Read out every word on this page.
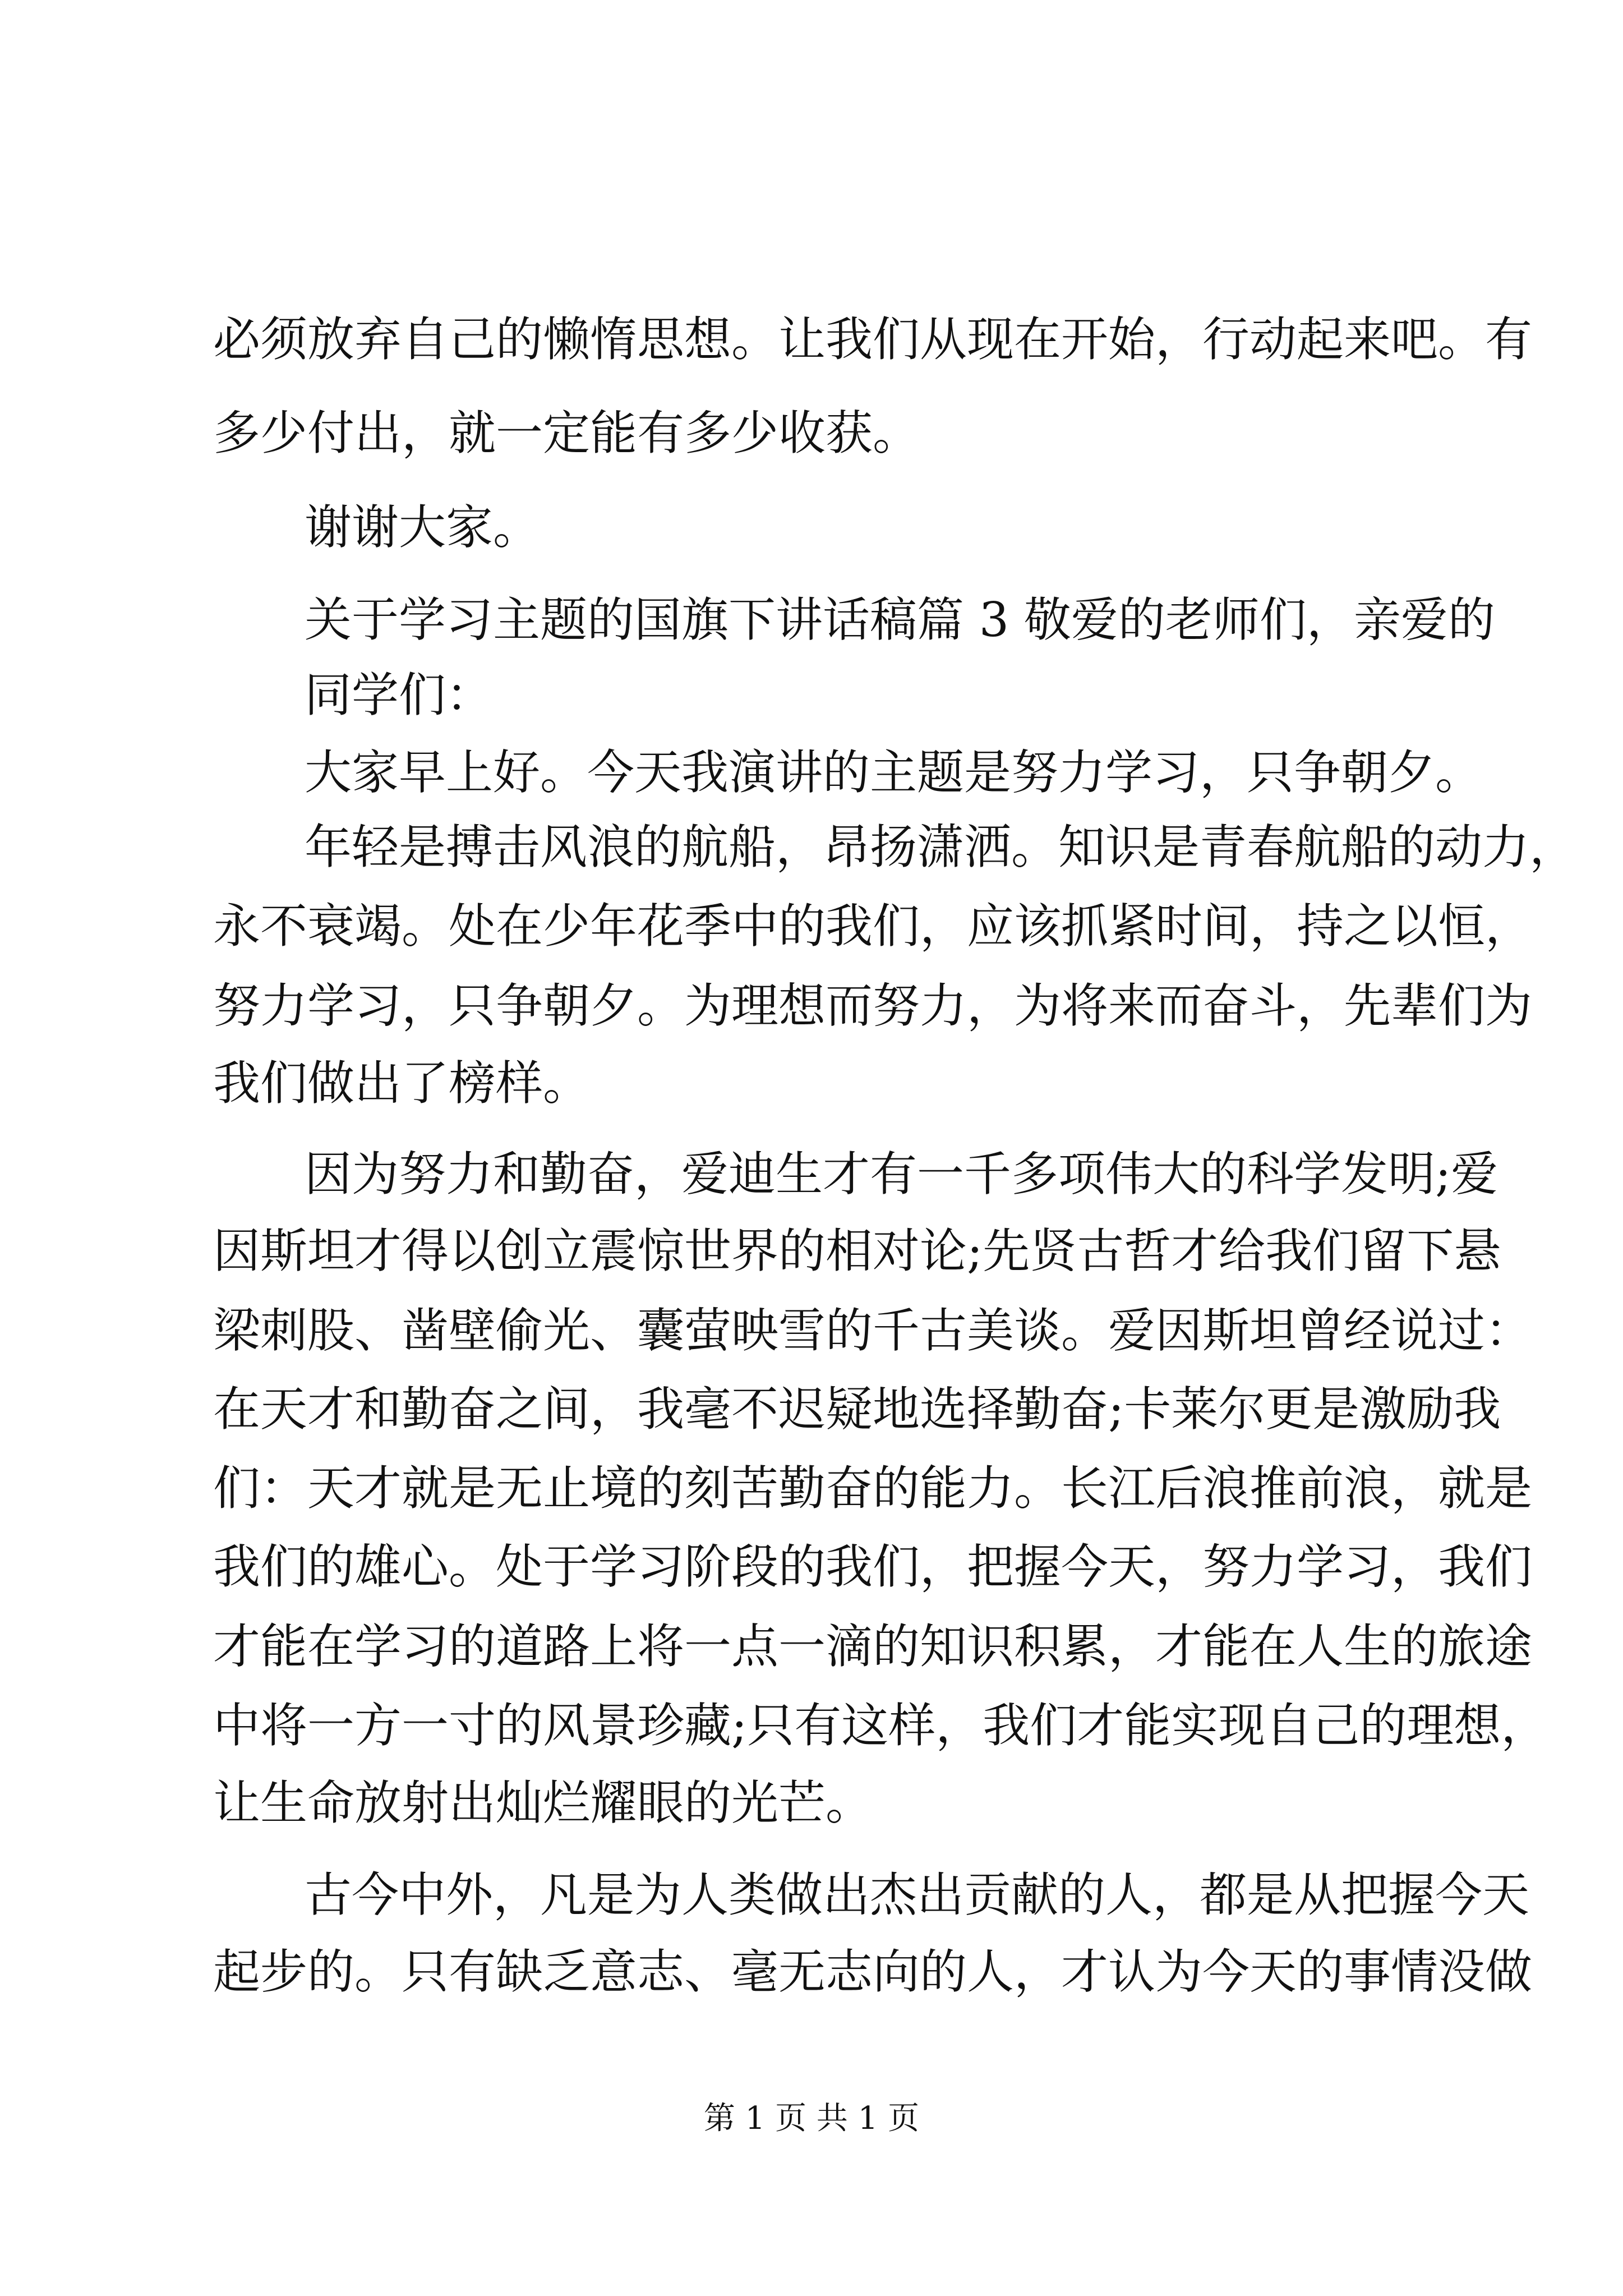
必须放弃自己的懒惰思想。让我们从现在开始，行动起来吧。有
多少付出，就一定能有多少收获。
谢谢大家。
关于学习主题的国旗下讲话稿篇 3 敬爱的老师们，亲爱的
同学们：
大家早上好。今天我演讲的主题是努力学习，只争朝夕。
年轻是搏击风浪的航船，昂扬潇洒。知识是青春航船的动力，
永不衰竭。处在少年花季中的我们，应该抓紧时间，持之以恒，
努力学习，只争朝夕。为理想而努力，为将来而奋斗，先辈们为
我们做出了榜样。
因为努力和勤奋，爱迪生才有一千多项伟大的科学发明;爱
因斯坦才得以创立震惊世界的相对论;先贤古哲才给我们留下悬
梁刺股、凿壁偷光、囊萤映雪的千古美谈。爱因斯坦曾经说过：
在天才和勤奋之间，我毫不迟疑地选择勤奋;卡莱尔更是激励我
们：天才就是无止境的刻苦勤奋的能力。长江后浪推前浪，就是
我们的雄心。处于学习阶段的我们，把握今天，努力学习，我们
才能在学习的道路上将一点一滴的知识积累，才能在人生的旅途
中将一方一寸的风景珍藏;只有这样，我们才能实现自己的理想，
让生命放射出灿烂耀眼的光芒。
古今中外，凡是为人类做出杰出贡献的人，都是从把握今天
起步的。只有缺乏意志、毫无志向的人，才认为今天的事情没做
第 1 页 共 1 页
